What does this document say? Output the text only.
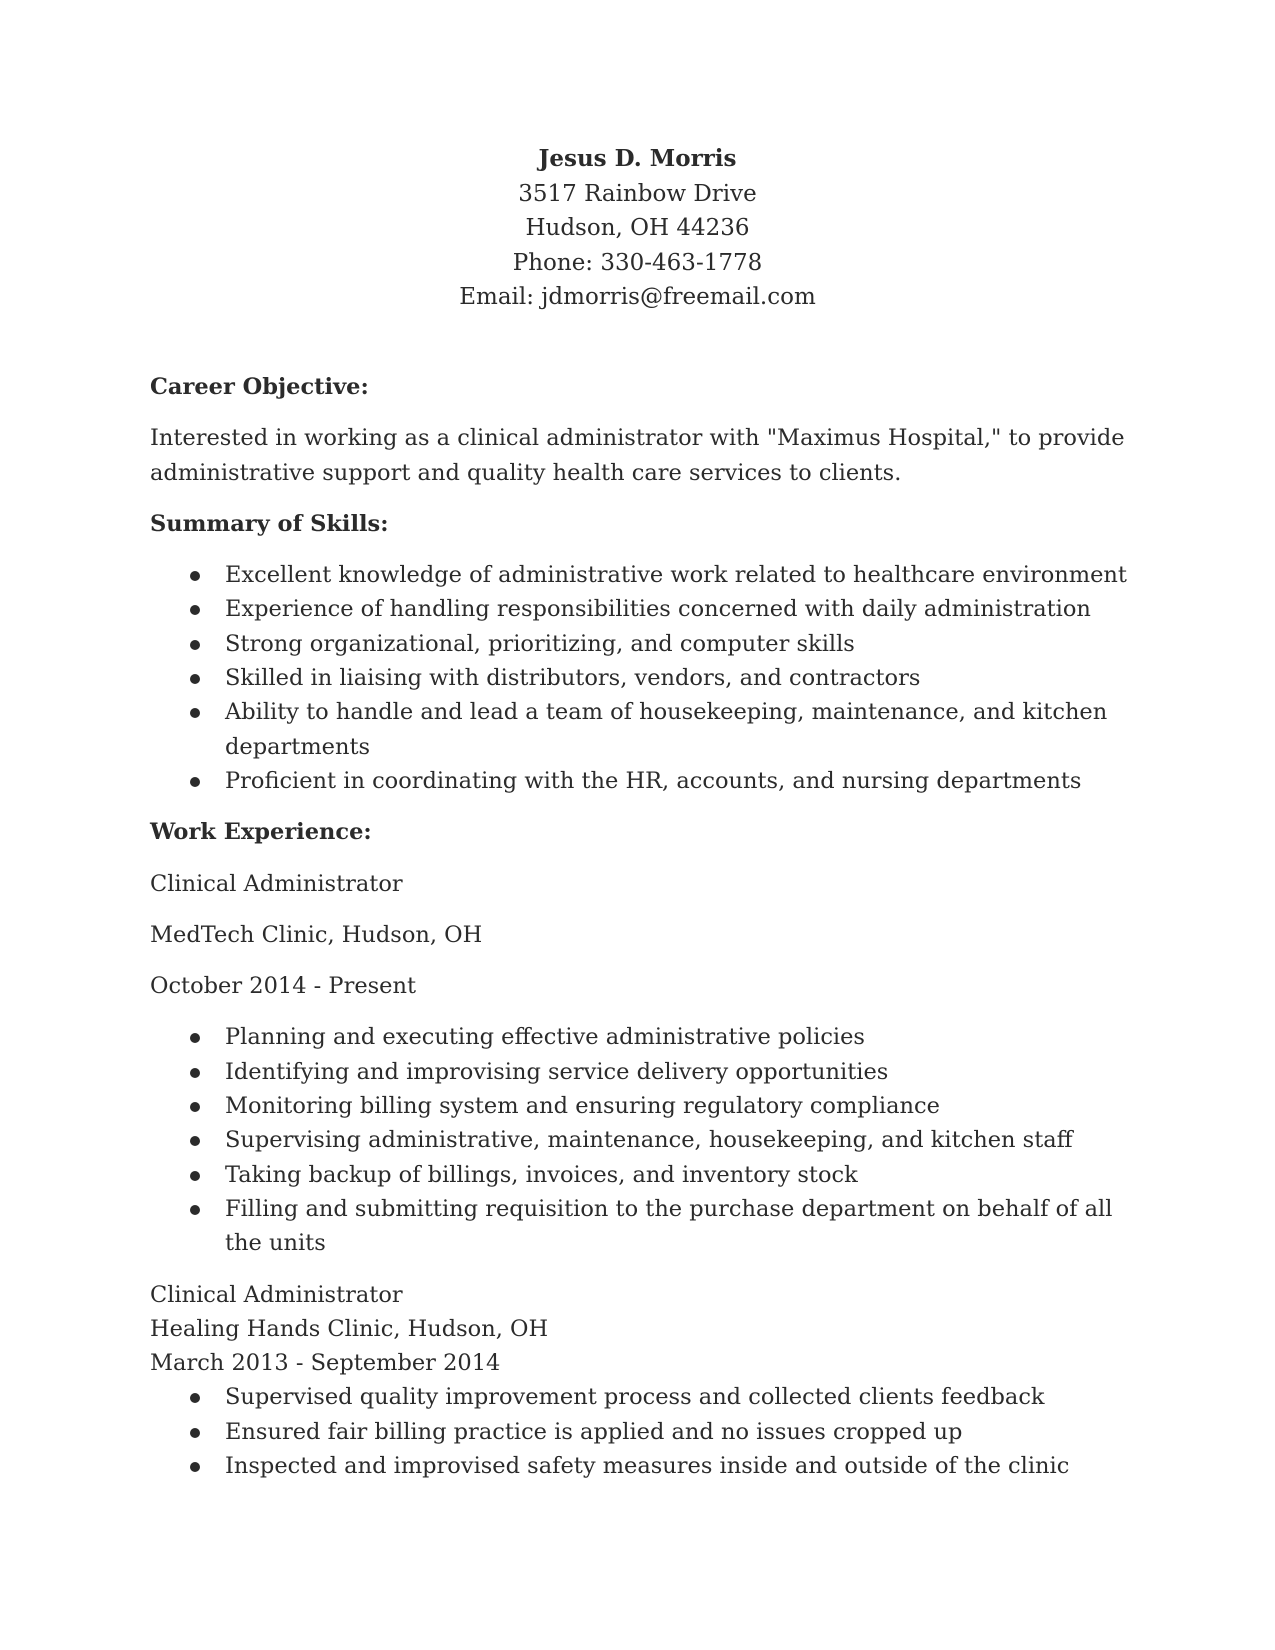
Jesus D. Morris
3517 Rainbow Drive
Hudson, OH 44236
Phone: 330-463-1778
Email: jdmorris@freemail.com
Career Objective:
Interested in working as a clinical administrator with "Maximus Hospital," to provide administrative support and quality health care services to clients.
Summary of Skills:
Excellent knowledge of administrative work related to healthcare environment
Experience of handling responsibilities concerned with daily administration
Strong organizational, prioritizing, and computer skills
Skilled in liaising with distributors, vendors, and contractors
Ability to handle and lead a team of housekeeping, maintenance, and kitchen departments
Proficient in coordinating with the HR, accounts, and nursing departments
Work Experience:
Clinical Administrator
MedTech Clinic, Hudson, OH
October 2014 - Present
Planning and executing effective administrative policies
Identifying and improvising service delivery opportunities
Monitoring billing system and ensuring regulatory compliance
Supervising administrative, maintenance, housekeeping, and kitchen staff
Taking backup of billings, invoices, and inventory stock
Filling and submitting requisition to the purchase department on behalf of all the units
Clinical Administrator
Healing Hands Clinic, Hudson, OH
March 2013 - September 2014
Supervised quality improvement process and collected clients feedback
Ensured fair billing practice is applied and no issues cropped up
Inspected and improvised safety measures inside and outside of the clinic
